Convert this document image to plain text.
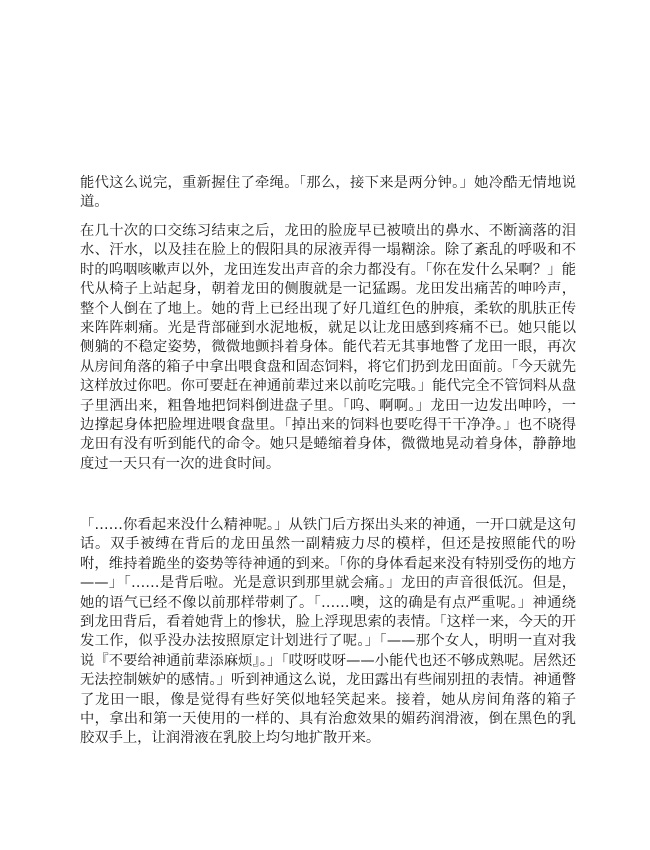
能代这么说完，重新握住了牵绳。「那么，接下来是两分钟。」她冷酷无情地说道。

在几十次的口交练习结束之后，龙田的脸庞早已被喷出的鼻水、不断滴落的泪水、汗水，以及挂在脸上的假阳具的尿液弄得一塌糊涂。除了紊乱的呼吸和不时的呜咽咳嗽声以外，龙田连发出声音的余力都没有。「你在发什么呆啊？」能代从椅子上站起身，朝着龙田的侧腹就是一记猛踢。龙田发出痛苦的呻吟声，整个人倒在了地上。她的背上已经出现了好几道红色的肿痕，柔软的肌肤正传来阵阵刺痛。光是背部碰到水泥地板，就足以让龙田感到疼痛不已。她只能以侧躺的不稳定姿势，微微地颤抖着身体。能代若无其事地瞥了龙田一眼，再次从房间角落的箱子中拿出喂食盘和固态饲料，将它们扔到龙田面前。「今天就先这样放过你吧。你可要赶在神通前辈过来以前吃完哦。」能代完全不管饲料从盘子里洒出来，粗鲁地把饲料倒进盘子里。「呜、啊啊。」龙田一边发出呻吟，一边撑起身体把脸埋进喂食盘里。「掉出来的饲料也要吃得干干净净。」也不晓得龙田有没有听到能代的命令。她只是蜷缩着身体，微微地晃动着身体，静静地度过一天只有一次的进食时间。

「……你看起来没什么精神呢。」从铁门后方探出头来的神通，一开口就是这句话。双手被缚在背后的龙田虽然一副精疲力尽的模样，但还是按照能代的吩咐，维持着跪坐的姿势等待神通的到来。「你的身体看起来没有特别受伤的地方——」「……是背后啦。光是意识到那里就会痛。」龙田的声音很低沉。但是，她的语气已经不像以前那样带刺了。「……噢，这的确是有点严重呢。」神通绕到龙田背后，看着她背上的惨状，脸上浮现思索的表情。「这样一来，今天的开发工作，似乎没办法按照原定计划进行了呢。」「——那个女人，明明一直对我说『不要给神通前辈添麻烦』。」「哎呀哎呀——小能代也还不够成熟呢。居然还无法控制嫉妒的感情。」听到神通这么说，龙田露出有些闹别扭的表情。神通瞥了龙田一眼，像是觉得有些好笑似地轻笑起来。接着，她从房间角落的箱子中，拿出和第一天使用的一样的、具有治愈效果的媚药润滑液，倒在黑色的乳胶双手上，让润滑液在乳胶上均匀地扩散开来。
